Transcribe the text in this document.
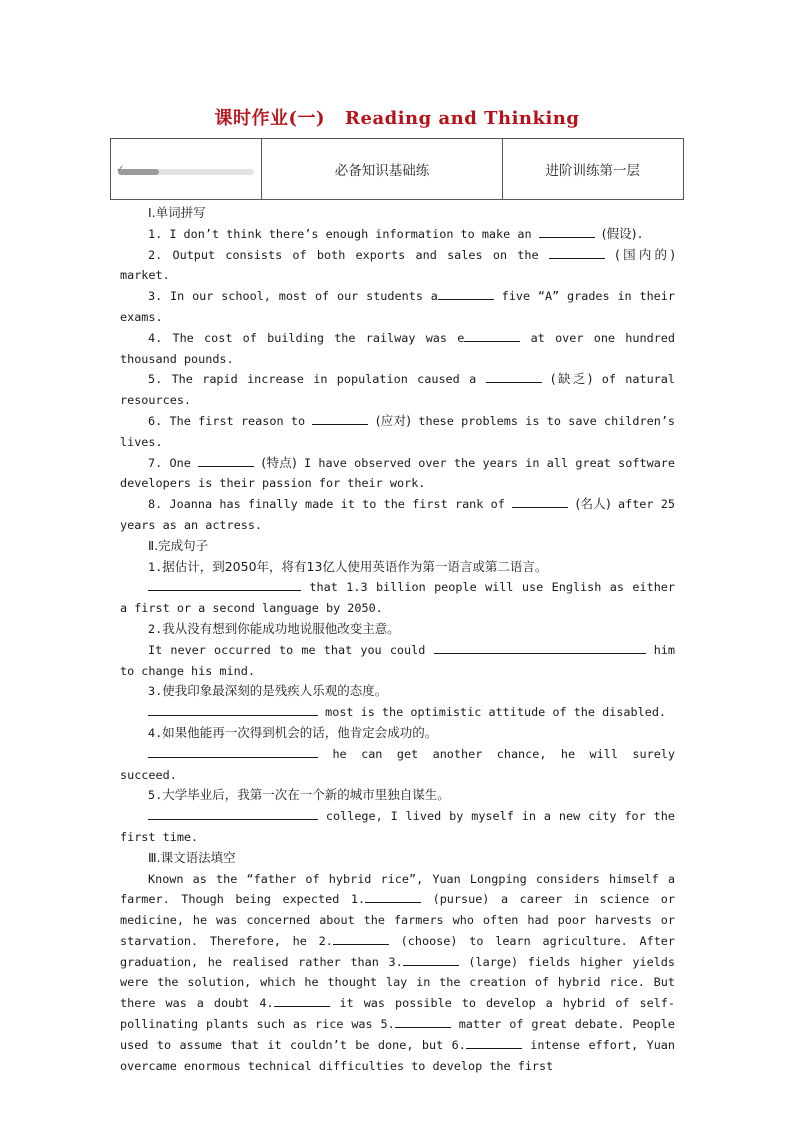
课时作业(一) Reading and Thinking
✓	必备知识基础练	进阶训练第一层

Ⅰ.单词拼写

1. I don’t think there’s enough information to make an	(假设).

2. Output consists of both exports and sales on the	(国内的) market.

3. In our school, most of our students a	five “A” grades in their exams.

4. The cost of building the railway was e	at over one hundred thousand pounds.

5. The rapid increase in population caused a	(缺乏) of natural resources.

6. The first reason to	(应对) these problems is to save children’s lives.

7. One	(特点) I have observed over the years in all great software developers is their passion for their work.

8. Joanna has finally made it to the first rank of	(名人) after 25 years as an actress.

Ⅱ.完成句子

1.据估计，到2050年，将有13亿人使用英语作为第一语言或第二语言。

that 1.3 billion people will use English as either a first or a second language by 2050.

2.我从没有想到你能成功地说服他改变主意。

It never occurred to me that you could	him to change his mind.

3.使我印象最深刻的是残疾人乐观的态度。

most is the optimistic attitude of the disabled.

4.如果他能再一次得到机会的话，他肯定会成功的。

he can get another chance, he will surely succeed.

5.大学毕业后，我第一次在一个新的城市里独自谋生。

college, I lived by myself in a new city for the first time.

Ⅲ.课文语法填空

Known as the “father of hybrid rice”, Yuan Longping considers himself a farmer. Though being expected 1.	(pursue) a career in science or medicine, he was concerned about the farmers who often had poor harvests or starvation. Therefore, he 2.	(choose) to learn agriculture. After graduation, he realised rather than 3.	(large) fields higher yields were the solution, which he thought lay in the creation of hybrid rice. But there was a doubt 4.	it was possible to develop a hybrid of self-pollinating plants such as rice was 5.	matter of great debate. People used to assume that it couldn’t be done, but 6.	intense effort, Yuan overcame enormous technical difficulties to develop the first
